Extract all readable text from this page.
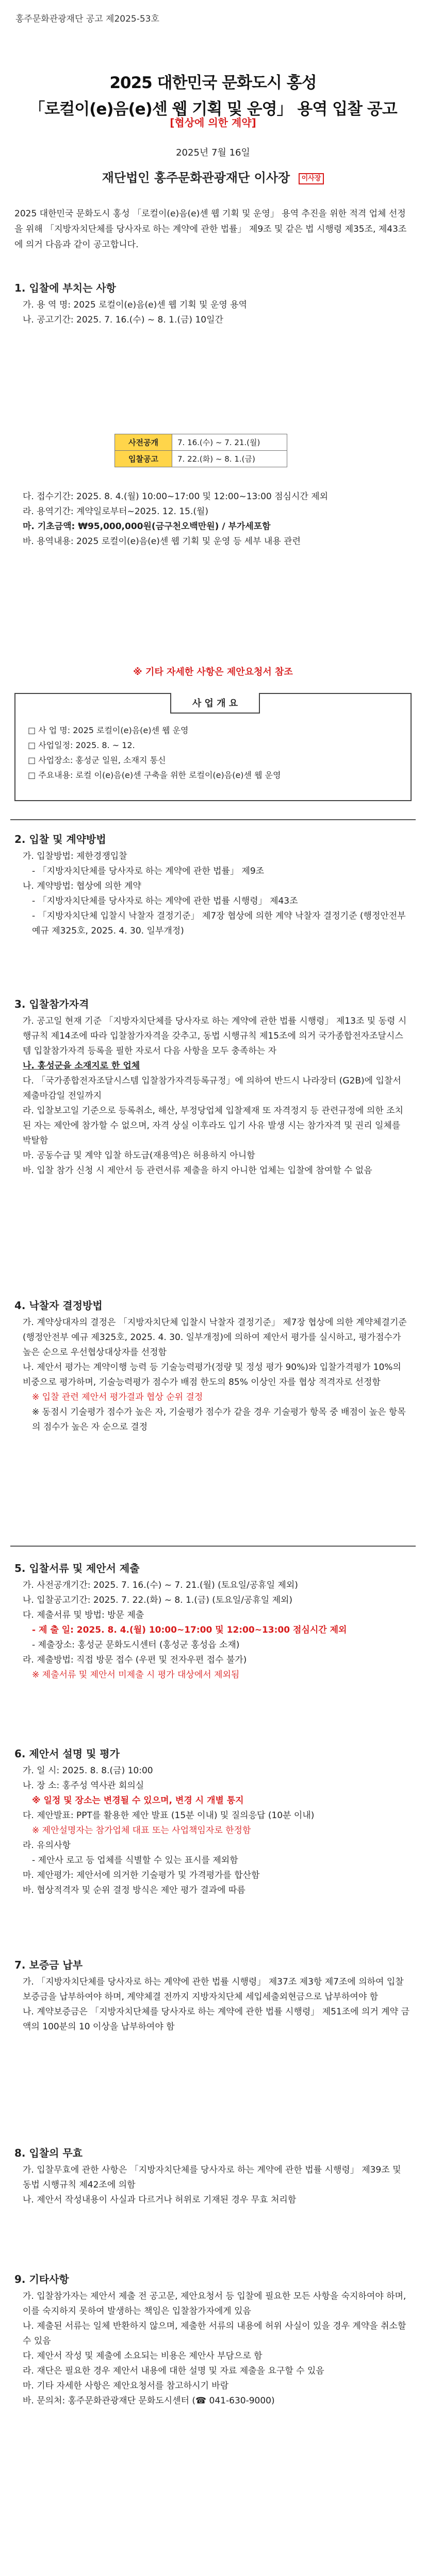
홍주문화관광재단 공고 제2025-53호
2025 대한민국 문화도시 홍성
「로컬이(e)음(e)센 웹 기획 및 운영」 용역 입찰 공고
[협상에 의한 계약]
2025년 7월 16일
재단법인 홍주문화관광재단 이사장 이사장
2025 대한민국 문화도시 홍성 「로컬이(e)음(e)센 웹 기획 및 운영」 용역 추진을 위한 적격 업체 선정을 위해 「지방자치단체를 당사자로 하는 계약에 관한 법률」 제9조 및 같은 법 시행령 제35조, 제43조에 의거 다음과 같이 공고합니다.
1. 입찰에 부치는 사항

가. 용 역 명: 2025 로컬이(e)음(e)센 웹 기획 및 운영 용역

나. 공고기간: 2025. 7. 16.(수) ~ 8. 1.(금) 10일간

사전공개	7. 16.(수) ~ 7. 21.(월)
입찰공고	7. 22.(화) ~ 8. 1.(금)

다. 접수기간: 2025. 8. 4.(월) 10:00~17:00 및 12:00~13:00 점심시간 제외

라. 용역기간: 계약일로부터~2025. 12. 15.(월)

마. 기초금액: ₩95,000,000원(금구천오백만원) / 부가세포함

바. 용역내용: 2025 로컬이(e)음(e)센 웹 기획 및 운영 등 세부 내용 관련

※ 기타 자세한 사항은 제안요청서 참조
사 업 개 요
□ 사 업 명: 2025 로컬이(e)음(e)센 웹 운영
□ 사업일정: 2025. 8. ~ 12.
□ 사업장소: 홍성군 일원, 소재지 통신
□ 주요내용: 로컬 이(e)음(e)센 구축을 위한 로컬이(e)음(e)센 웹 운영
2. 입찰 및 계약방법

가. 입찰방법: 제한경쟁입찰

- 「지방자치단체를 당사자로 하는 계약에 관한 법률」 제9조

나. 계약방법: 협상에 의한 계약

- 「지방자치단체를 당사자로 하는 계약에 관한 법률 시행령」 제43조

- 「지방자치단체 입찰시 낙찰자 결정기준」 제7장 협상에 의한 계약 낙찰자 결정기준 (행정안전부 예규 제325호, 2025. 4. 30. 일부개정)

3. 입찰참가자격

가. 공고일 현재 기준 「지방자치단체를 당사자로 하는 계약에 관한 법률 시행령」 제13조 및 동령 시행규칙 제14조에 따라 입찰참가자격을 갖추고, 동법 시행규칙 제15조에 의거 국가종합전자조달시스템 입찰참가자격 등록을 필한 자로서 다음 사항을 모두 충족하는 자

나. 홍성군을 소재지로 한 업체

다. 「국가종합전자조달시스템 입찰참가자격등록규정」에 의하여 반드시 나라장터 (G2B)에 입찰서 제출마감일 전일까지

라. 입찰보고일 기준으로 등록취소, 해산, 부정당업체 입찰제재 또 자격정지 등 관련규정에 의한 조치된 자는 제안에 참가할 수 없으며, 자격 상실 이후라도 입기 사유 발생 시는 참가자격 및 권리 일체를 박탈함

마. 공동수급 및 계약 입찰 하도급(재용역)은 허용하지 아니함

바. 입찰 참가 신청 시 제안서 등 관련서류 제출을 하지 아니한 업체는 입찰에 참여할 수 없음

4. 낙찰자 결정방법

가. 계약상대자의 결정은 「지방자치단체 입찰시 낙찰자 결정기준」 제7장 협상에 의한 계약체결기준(행정안전부 예규 제325호, 2025. 4. 30. 일부개정)에 의하여 제안서 평가를 실시하고, 평가점수가 높은 순으로 우선협상대상자를 선정함

나. 제안서 평가는 계약이행 능력 등 기술능력평가(정량 및 정성 평가 90%)와 입찰가격평가 10%의 비중으로 평가하며, 기술능력평가 점수가 배점 한도의 85% 이상인 자를 협상 적격자로 선정함

※ 입찰 관련 제안서 평가결과 협상 순위 결정

※ 동점시 기술평가 점수가 높은 자, 기술평가 점수가 같을 경우 기술평가 항목 중 배점이 높은 항목의 점수가 높은 자 순으로 결정

5. 입찰서류 및 제안서 제출

가. 사전공개기간: 2025. 7. 16.(수) ~ 7. 21.(월) (토요일/공휴일 제외)

나. 입찰공고기간: 2025. 7. 22.(화) ~ 8. 1.(금) (토요일/공휴일 제외)

다. 제출서류 및 방법: 방문 제출

- 제 출 일: 2025. 8. 4.(월) 10:00~17:00 및 12:00~13:00 점심시간 제외

- 제출장소: 홍성군 문화도시센터 (홍성군 홍성읍 소재)

라. 제출방법: 직접 방문 접수 (우편 및 전자우편 접수 불가)

※ 제출서류 및 제안서 미제출 시 평가 대상에서 제외됨

6. 제안서 설명 및 평가

가. 일 시: 2025. 8. 8.(금) 10:00

나. 장 소: 홍주성 역사관 회의실

※ 일정 및 장소는 변경될 수 있으며, 변경 시 개별 통지

다. 제안발표: PPT를 활용한 제안 발표 (15분 이내) 및 질의응답 (10분 이내)

※ 제안설명자는 참가업체 대표 또는 사업책임자로 한정함

라. 유의사항

- 제안사 로고 등 업체를 식별할 수 있는 표시를 제외함

마. 제안평가: 제안서에 의거한 기술평가 및 가격평가를 합산함

바. 협상적격자 및 순위 결정 방식은 제안 평가 결과에 따름

7. 보증금 납부

가. 「지방자치단체를 당사자로 하는 계약에 관한 법률 시행령」 제37조 제3항 제7조에 의하여 입찰보증금을 납부하여야 하며, 계약체결 전까지 지방자치단체 세입세출외현금으로 납부하여야 함

나. 계약보증금은 「지방자치단체를 당사자로 하는 계약에 관한 법률 시행령」 제51조에 의거 계약 금액의 100분의 10 이상을 납부하여야 함

8. 입찰의 무효

가. 입찰무효에 관한 사항은 「지방자치단체를 당사자로 하는 계약에 관한 법률 시행령」 제39조 및 동법 시행규칙 제42조에 의함

나. 제안서 작성내용이 사실과 다르거나 허위로 기재된 경우 무효 처리함

9. 기타사항

가. 입찰참가자는 제안서 제출 전 공고문, 제안요청서 등 입찰에 필요한 모든 사항을 숙지하여야 하며, 이를 숙지하지 못하여 발생하는 책임은 입찰참가자에게 있음

나. 제출된 서류는 일체 반환하지 않으며, 제출한 서류의 내용에 허위 사실이 있을 경우 계약을 취소할 수 있음

다. 제안서 작성 및 제출에 소요되는 비용은 제안사 부담으로 함

라. 재단은 필요한 경우 제안서 내용에 대한 설명 및 자료 제출을 요구할 수 있음

마. 기타 자세한 사항은 제안요청서를 참고하시기 바람

바. 문의처: 홍주문화관광재단 문화도시센터 (☎ 041-630-9000)
